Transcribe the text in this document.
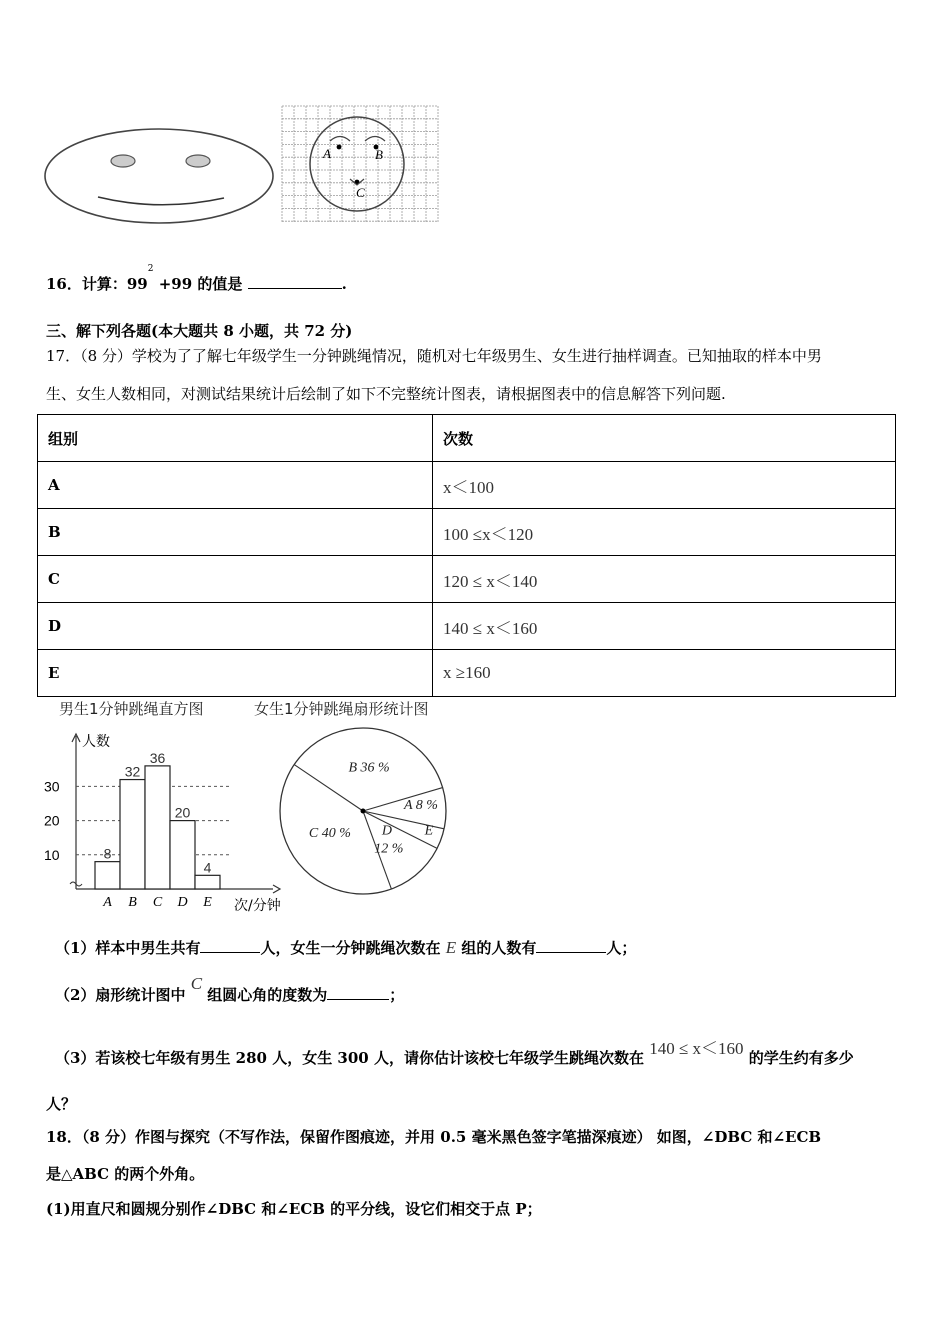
A	B
C
16．计算：$99^2 +99$ 的值是	.
三、解下列各题(本大题共 8 小题，共 72 分)
17．（8 分）学校为了了解七年级学生一分钟跳绳情况，随机对七年级男生、女生进行抽样调查。已知抽取的样本中男
生、女生人数相同，对测试结果统计后绘制了如下不完整统计图表，请根据图表中的信息解答下列问题.
组别	次数
A	x＜100
B	100 ≤x＜120
C	120 ≤ x＜140
D	140 ≤ x＜160
E	x ≥160
男生1分钟跳绳直方图	女生1分钟跳绳扇形统计图
人数
次/分钟
10
20
30
8
A
32
B
36
C
20
D
4
E
B 36 %
A 8 %
E
D
12 %
C 40 %
（1）样本中男生共有	人，女生一分钟跳绳次数在 E 组的人数有	人；
（2）扇形统计图中 C 组圆心角的度数为	；
（3）若该校七年级有男生 280 人，女生 300 人，请你估计该校七年级学生跳绳次数在 140 ≤ x＜160 的学生约有多少
人？
18．（8 分）作图与探究（不写作法，保留作图痕迹，并用 0.5 毫米黑色签字笔描深痕迹） 如图，∠DBC 和∠ECB
是△ABC 的两个外角。
(1)用直尺和圆规分别作∠DBC 和∠ECB 的平分线，设它们相交于点 P；
